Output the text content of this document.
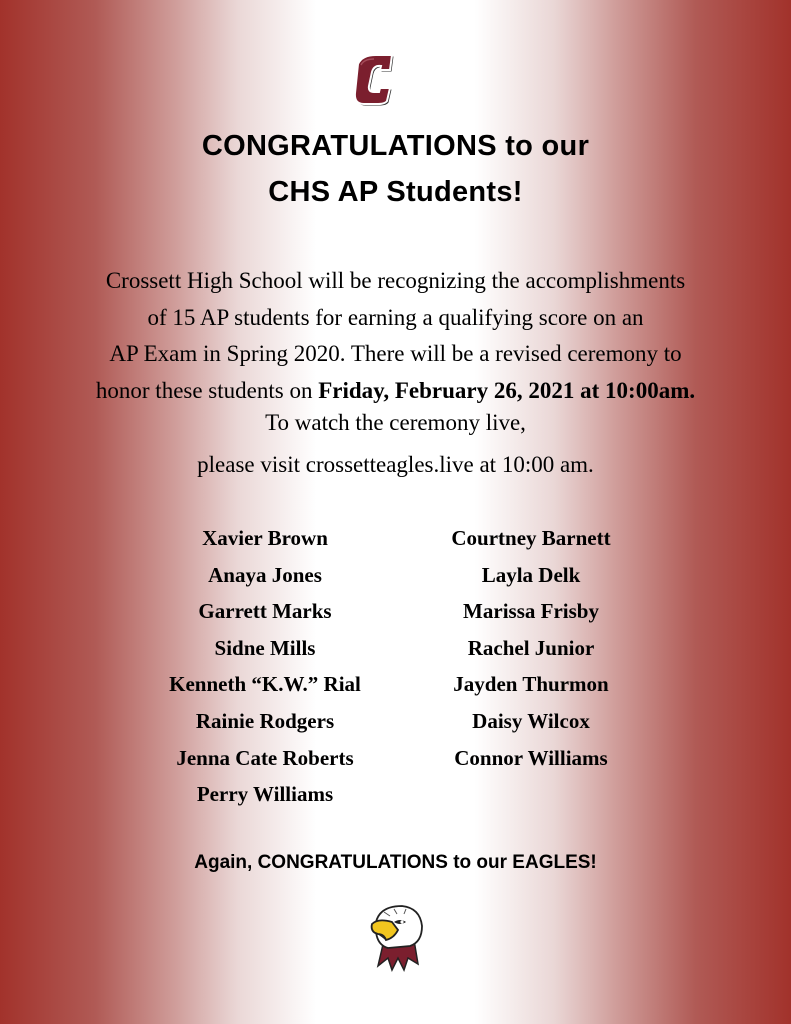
CONGRATULATIONS to our
CHS AP Students!

Crossett High School will be recognizing the accomplishments

of 15 AP students for earning a qualifying score on an

AP Exam in Spring 2020. There will be a revised ceremony to

honor these students on Friday, February 26, 2021 at 10:00am.

To watch the ceremony live,

please visit crossetteagles.live at 10:00 am.

Xavier Brown
Anaya Jones
Garrett Marks
Sidne Mills
Kenneth “K.W.” Rial
Rainie Rodgers
Jenna Cate Roberts
Perry Williams
Courtney Barnett
Layla Delk
Marissa Frisby
Rachel Junior
Jayden Thurmon
Daisy Wilcox
Connor Williams
Again, CONGRATULATIONS to our EAGLES!
